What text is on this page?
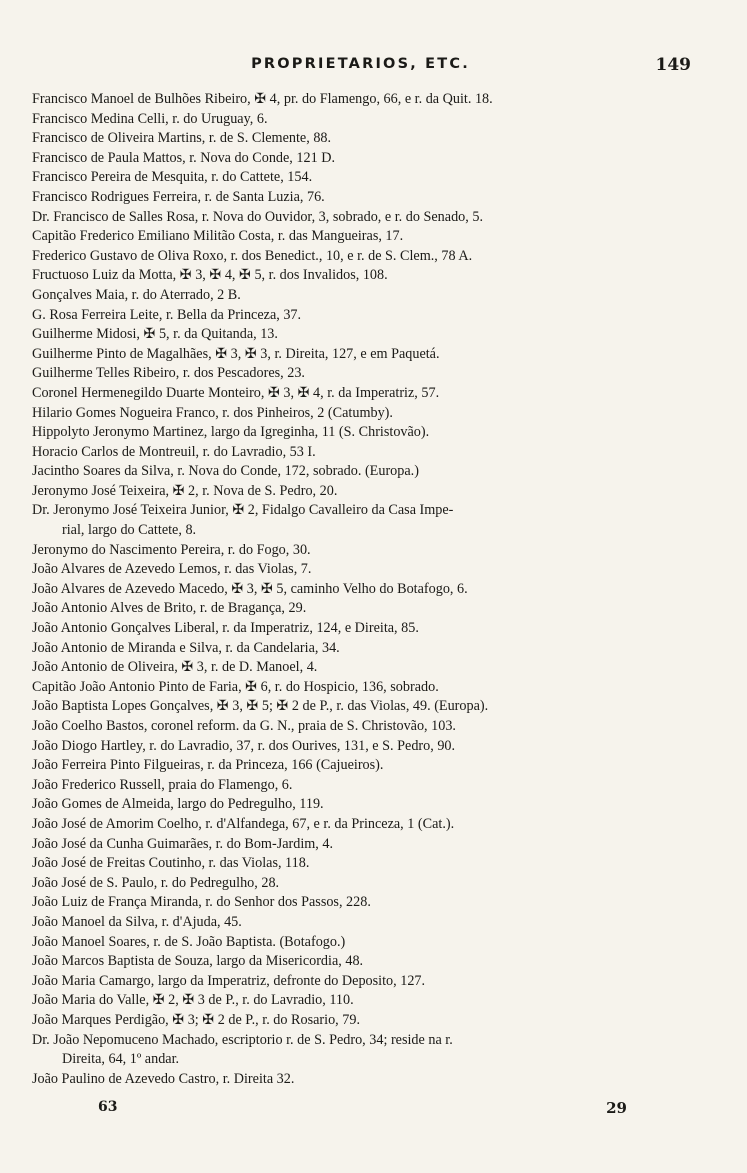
PROPRIETARIOS, ETC.	149
Francisco Manoel de Bulhões Ribeiro, ✠ 4, pr. do Flamengo, 66, e r. da Quit. 18.
Francisco Medina Celli, r. do Uruguay, 6.
Francisco de Oliveira Martins, r. de S. Clemente, 88.
Francisco de Paula Mattos, r. Nova do Conde, 121 D.
Francisco Pereira de Mesquita, r. do Cattete, 154.
Francisco Rodrigues Ferreira, r. de Santa Luzia, 76.
Dr. Francisco de Salles Rosa, r. Nova do Ouvidor, 3, sobrado, e r. do Senado, 5.
Capitão Frederico Emiliano Militão Costa, r. das Mangueiras, 17.
Frederico Gustavo de Oliva Roxo, r. dos Benedict., 10, e r. de S. Clem., 78 A.
Fructuoso Luiz da Motta, ✠ 3, ✠ 4, ✠ 5, r. dos Invalidos, 108.
Gonçalves Maia, r. do Aterrado, 2 B.
G. Rosa Ferreira Leite, r. Bella da Princeza, 37.
Guilherme Midosi, ✠ 5, r. da Quitanda, 13.
Guilherme Pinto de Magalhães, ✠ 3, ✠ 3, r. Direita, 127, e em Paquetá.
Guilherme Telles Ribeiro, r. dos Pescadores, 23.
Coronel Hermenegildo Duarte Monteiro, ✠ 3, ✠ 4, r. da Imperatriz, 57.
Hilario Gomes Nogueira Franco, r. dos Pinheiros, 2 (Catumby).
Hippolyto Jeronymo Martinez, largo da Igreginha, 11 (S. Christovão).
Horacio Carlos de Montreuil, r. do Lavradio, 53 I.
Jacintho Soares da Silva, r. Nova do Conde, 172, sobrado. (Europa.)
Jeronymo José Teixeira, ✠ 2, r. Nova de S. Pedro, 20.
Dr. Jeronymo José Teixeira Junior, ✠ 2, Fidalgo Cavalleiro da Casa Impe-
rial, largo do Cattete, 8.
Jeronymo do Nascimento Pereira, r. do Fogo, 30.
João Alvares de Azevedo Lemos, r. das Violas, 7.
João Alvares de Azevedo Macedo, ✠ 3, ✠ 5, caminho Velho do Botafogo, 6.
João Antonio Alves de Brito, r. de Bragança, 29.
João Antonio Gonçalves Liberal, r. da Imperatriz, 124, e Direita, 85.
João Antonio de Miranda e Silva, r. da Candelaria, 34.
João Antonio de Oliveira, ✠ 3, r. de D. Manoel, 4.
Capitão João Antonio Pinto de Faria, ✠ 6, r. do Hospicio, 136, sobrado.
João Baptista Lopes Gonçalves, ✠ 3, ✠ 5; ✠ 2 de P., r. das Violas, 49. (Europa).
João Coelho Bastos, coronel reform. da G. N., praia de S. Christovão, 103.
João Diogo Hartley, r. do Lavradio, 37, r. dos Ourives, 131, e S. Pedro, 90.
João Ferreira Pinto Filgueiras, r. da Princeza, 166 (Cajueiros).
João Frederico Russell, praia do Flamengo, 6.
João Gomes de Almeida, largo do Pedregulho, 119.
João José de Amorim Coelho, r. d'Alfandega, 67, e r. da Princeza, 1 (Cat.).
João José da Cunha Guimarães, r. do Bom-Jardim, 4.
João José de Freitas Coutinho, r. das Violas, 118.
João José de S. Paulo, r. do Pedregulho, 28.
João Luiz de França Miranda, r. do Senhor dos Passos, 228.
João Manoel da Silva, r. d'Ajuda, 45.
João Manoel Soares, r. de S. João Baptista. (Botafogo.)
João Marcos Baptista de Souza, largo da Misericordia, 48.
João Maria Camargo, largo da Imperatriz, defronte do Deposito, 127.
João Maria do Valle, ✠ 2, ✠ 3 de P., r. do Lavradio, 110.
João Marques Perdigão, ✠ 3; ✠ 2 de P., r. do Rosario, 79.
Dr. João Nepomuceno Machado, escriptorio r. de S. Pedro, 34; reside na r.
Direita, 64, 1º andar.
João Paulino de Azevedo Castro, r. Direita 32.
63	29
